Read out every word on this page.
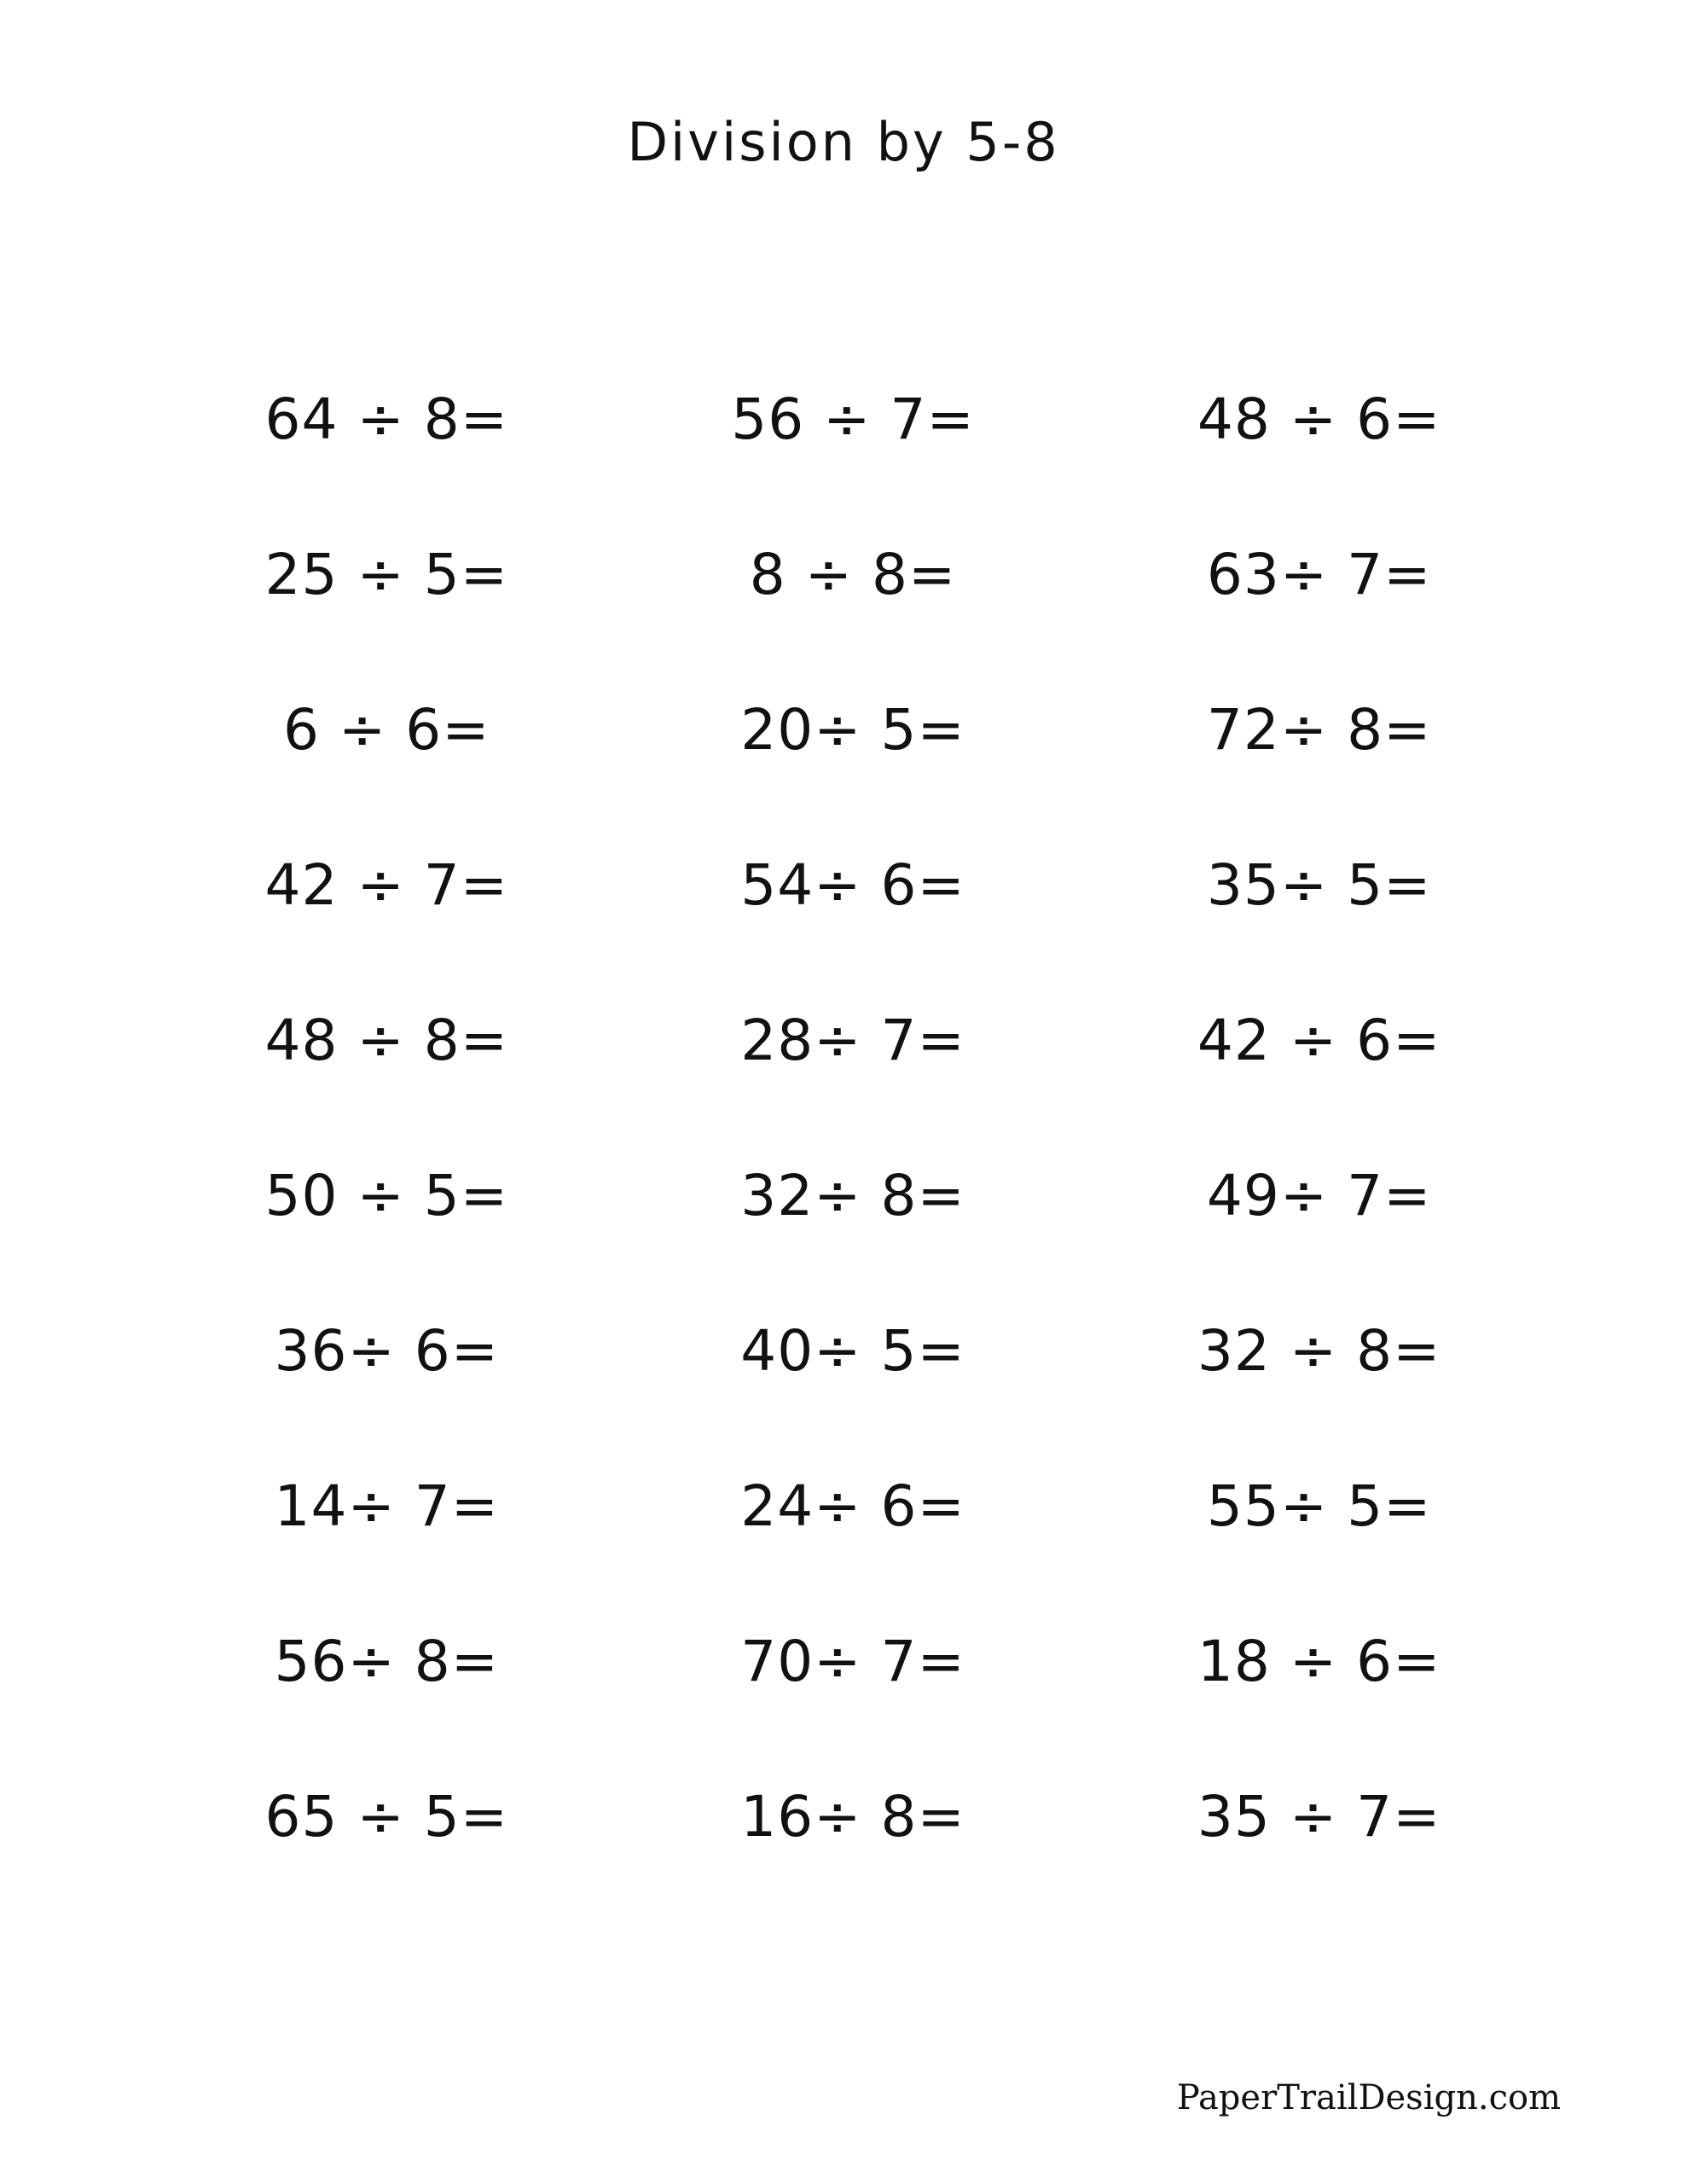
Division by 5-8
64 ÷ 8=	56 ÷ 7=	48 ÷ 6=
25 ÷ 5=	8 ÷ 8=	63÷ 7=
6 ÷ 6=	20÷ 5=	72÷ 8=
42 ÷ 7=	54÷ 6=	35÷ 5=
48 ÷ 8=	28÷ 7=	42 ÷ 6=
50 ÷ 5=	32÷ 8=	49÷ 7=
36÷ 6=	40÷ 5=	32 ÷ 8=
14÷ 7=	24÷ 6=	55÷ 5=
56÷ 8=	70÷ 7=	18 ÷ 6=
65 ÷ 5=	16÷ 8=	35 ÷ 7=
PaperTrailDesign.com
